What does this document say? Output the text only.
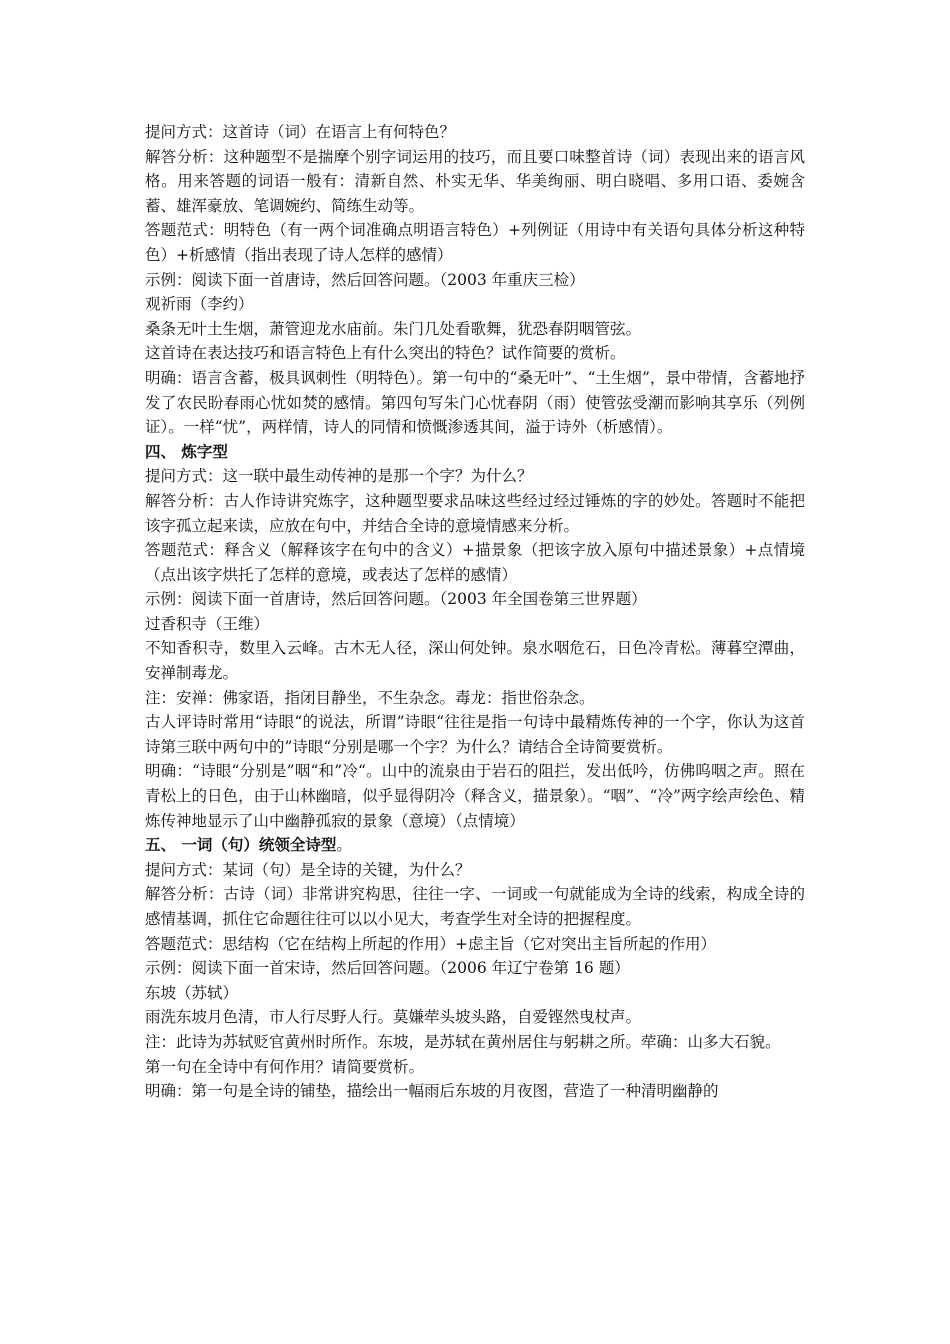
提问方式：这首诗（词）在语言上有何特色？

解答分析：这种题型不是揣摩个别字词运用的技巧，而且要口味整首诗（词）表现出来的语言风格。用来答题的词语一般有：清新自然、朴实无华、华美绚丽、明白晓唱、多用口语、委婉含蓄、雄浑豪放、笔调婉约、简练生动等。

答题范式：明特色（有一两个词准确点明语言特色）+列例证（用诗中有关语句具体分析这种特色）+析感情（指出表现了诗人怎样的感情）

示例：阅读下面一首唐诗，然后回答问题。（2003 年重庆三检）

观祈雨（李约）

桑条无叶土生烟，萧管迎龙水庙前。朱门几处看歌舞，犹恐春阴咽管弦。

这首诗在表达技巧和语言特色上有什么突出的特色？试作简要的赏析。

明确：语言含蓄，极具讽刺性（明特色）。第一句中的“桑无叶”、“土生烟”，景中带情，含蓄地抒发了农民盼春雨心忧如焚的感情。第四句写朱门心忧春阴（雨）使管弦受潮而影响其享乐（列例证）。一样“忧”，两样情，诗人的同情和愤慨渗透其间，溢于诗外（析感情）。

四、 炼字型

提问方式：这一联中最生动传神的是那一个字？为什么？

解答分析：古人作诗讲究炼字，这种题型要求品味这些经过经过锤炼的字的妙处。答题时不能把该字孤立起来读，应放在句中，并结合全诗的意境情感来分析。

答题范式：释含义（解释该字在句中的含义）+描景象（把该字放入原句中描述景象）+点情境（点出该字烘托了怎样的意境，或表达了怎样的感情）

示例：阅读下面一首唐诗，然后回答问题。（2003 年全国卷第三世界题）

过香积寺（王维）

不知香积寺，数里入云峰。古木无人径，深山何处钟。泉水咽危石，日色冷青松。薄暮空潭曲，安禅制毒龙。

注：安禅：佛家语，指闭目静坐，不生杂念。毒龙：指世俗杂念。

古人评诗时常用“诗眼“的说法，所谓”诗眼“往往是指一句诗中最精炼传神的一个字，你认为这首诗第三联中两句中的”诗眼“分别是哪一个字？为什么？请结合全诗简要赏析。

明确：“诗眼“分别是”咽“和”冷“。山中的流泉由于岩石的阻拦，发出低吟，仿佛呜咽之声。照在青松上的日色，由于山林幽暗，似乎显得阴冷（释含义，描景象）。“咽”、“冷”两字绘声绘色、精炼传神地显示了山中幽静孤寂的景象（意境）（点情境）

五、 一词（句）统领全诗型。

提问方式：某词（句）是全诗的关键，为什么？

解答分析：古诗（词）非常讲究构思，往往一字、一词或一句就能成为全诗的线索，构成全诗的感情基调，抓住它命题往往可以以小见大，考查学生对全诗的把握程度。

答题范式：思结构（它在结构上所起的作用）+虑主旨（它对突出主旨所起的作用）

示例：阅读下面一首宋诗，然后回答问题。（2006 年辽宁卷第 16 题）

东坡（苏轼）

雨洗东坡月色清，市人行尽野人行。莫嫌荦头坡头路，自爱铿然曳杖声。

注：此诗为苏轼贬官黄州时所作。东坡，是苏轼在黄州居住与躬耕之所。荦确：山多大石貌。

第一句在全诗中有何作用？请简要赏析。

明确：第一句是全诗的铺垫，描绘出一幅雨后东坡的月夜图，营造了一种清明幽静的
